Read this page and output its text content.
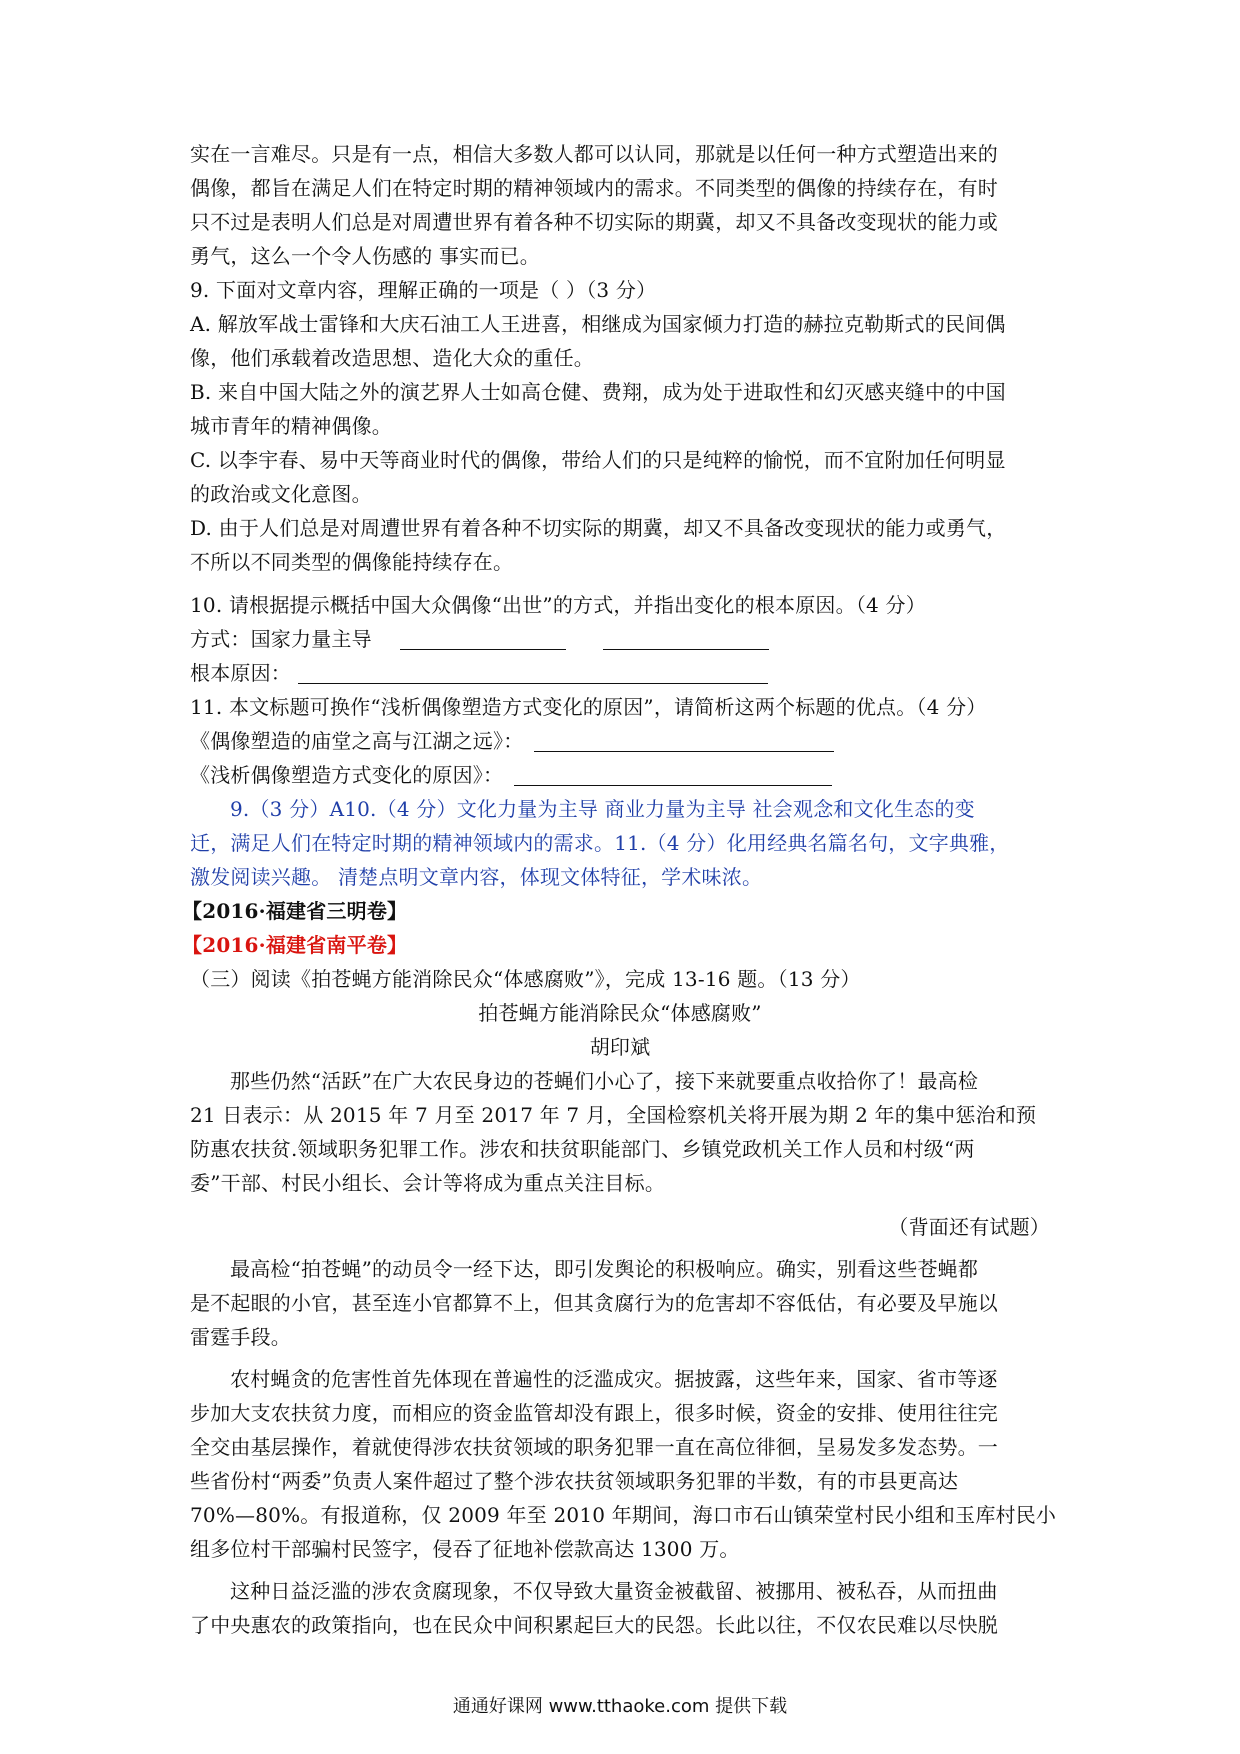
实在一言难尽。只是有一点，相信大多数人都可以认同，那就是以任何一种方式塑造出来的
偶像，都旨在满足人们在特定时期的精神领域内的需求。不同类型的偶像的持续存在，有时
只不过是表明人们总是对周遭世界有着各种不切实际的期冀，却又不具备改变现状的能力或
勇气，这么一个令人伤感的 事实而已。
9. 下面对文章内容，理解正确的一项是（ ）（3 分）
A. 解放军战士雷锋和大庆石油工人王进喜，相继成为国家倾力打造的赫拉克勒斯式的民间偶
像，他们承载着改造思想、造化大众的重任。
B. 来自中国大陆之外的演艺界人士如高仓健、费翔，成为处于进取性和幻灭感夹缝中的中国
城市青年的精神偶像。
C. 以李宇春、易中天等商业时代的偶像，带给人们的只是纯粹的愉悦，而不宜附加任何明显
的政治或文化意图。
D. 由于人们总是对周遭世界有着各种不切实际的期冀，却又不具备改变现状的能力或勇气，
不所以不同类型的偶像能持续存在。
10. 请根据提示概括中国大众偶像“出世”的方式，并指出变化的根本原因。（4 分）
方式：国家力量主导
根本原因：
11. 本文标题可换作“浅析偶像塑造方式变化的原因”，请简析这两个标题的优点。（4 分）
《偶像塑造的庙堂之高与江湖之远》：
《浅析偶像塑造方式变化的原因》：
9.（3 分）A10.（4 分）文化力量为主导 商业力量为主导 社会观念和文化生态的变
迁，满足人们在特定时期的精神领域内的需求。11.（4 分）化用经典名篇名句，文字典雅，
激发阅读兴趣。 清楚点明文章内容，体现文体特征，学术味浓。
【2016·福建省三明卷】
【2016·福建省南平卷】
（三）阅读《拍苍蝇方能消除民众“体感腐败”》，完成 13-16 题。（13 分）
拍苍蝇方能消除民众“体感腐败”
胡印斌
那些仍然“活跃”在广大农民身边的苍蝇们小心了，接下来就要重点收拾你了！最高检
21 日表示：从 2015 年 7 月至 2017 年 7 月，全国检察机关将开展为期 2 年的集中惩治和预
防惠农扶贫.领域职务犯罪工作。涉农和扶贫职能部门、乡镇党政机关工作人员和村级“两
委”干部、村民小组长、会计等将成为重点关注目标。
（背面还有试题）
最高检“拍苍蝇”的动员令一经下达，即引发舆论的积极响应。确实，别看这些苍蝇都
是不起眼的小官，甚至连小官都算不上，但其贪腐行为的危害却不容低估，有必要及早施以
雷霆手段。
农村蝇贪的危害性首先体现在普遍性的泛滥成灾。据披露，这些年来，国家、省市等逐
步加大支农扶贫力度，而相应的资金监管却没有跟上，很多时候，资金的安排、使用往往完
全交由基层操作，着就使得涉农扶贫领域的职务犯罪一直在高位徘徊，呈易发多发态势。一
些省份村“两委”负责人案件超过了整个涉农扶贫领域职务犯罪的半数，有的市县更高达
70%—80%。有报道称，仅 2009 年至 2010 年期间，海口市石山镇荣堂村民小组和玉库村民小
组多位村干部骗村民签字，侵吞了征地补偿款高达 1300 万。
这种日益泛滥的涉农贪腐现象，不仅导致大量资金被截留、被挪用、被私吞，从而扭曲
了中央惠农的政策指向，也在民众中间积累起巨大的民怨。长此以往，不仅农民难以尽快脱
通通好课网 www.tthaoke.com 提供下载
